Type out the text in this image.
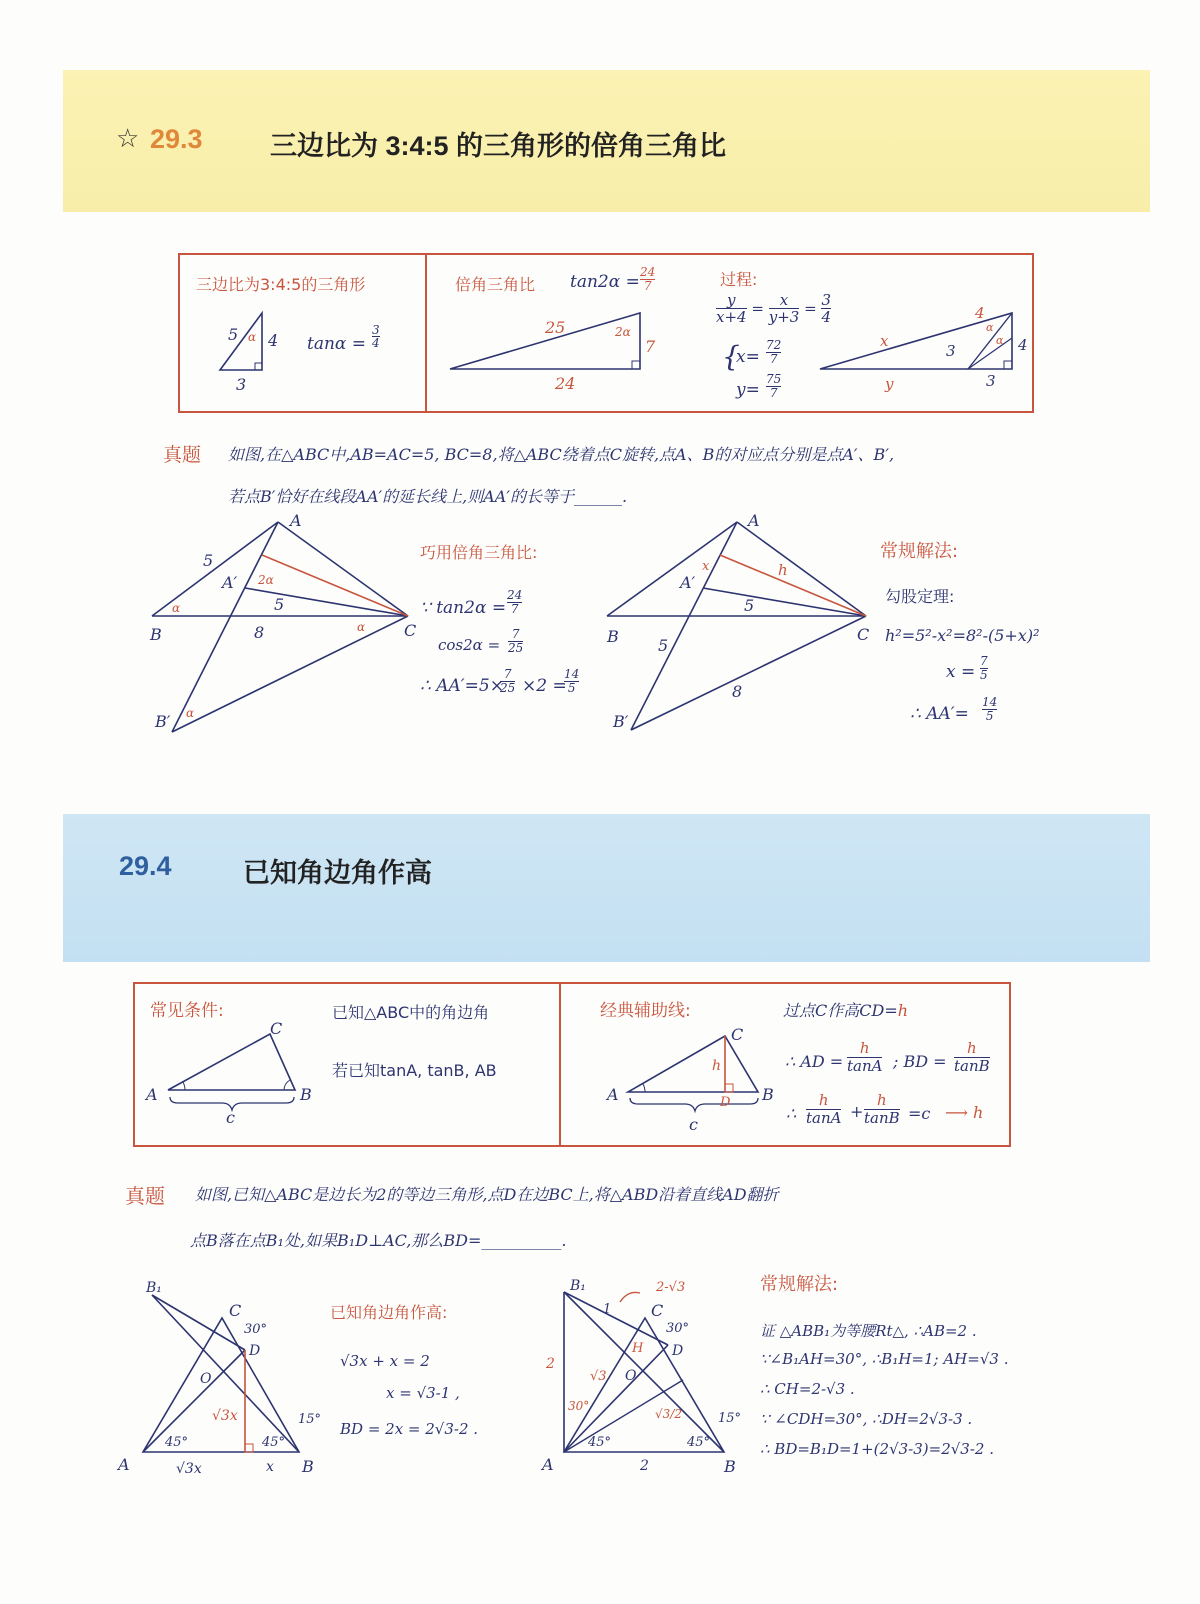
☆ 29.3 三边比为 3:4:5 的三角形的倍角三角比
三边比为3:4:5的三角形
5 4
3
α	25
7
24
2α	x
y
4
3
3
4
α
α
tanα =
3
4
倍角三角比 tan2α = 24
7	过程:
$\frac{y}{x+4} = \frac{x}{y+3} = \frac{3}{4}$
{
x=
72
7
y=
75
7
真题 如图,在△ABC中,AB=AC=5, BC=8,将△ABC绕着点C旋转,点A、B的对应点分别是点A′、B′,
若点B′恰好在线段AA′的延长线上,则AA′的长等于______.
A
B	C
A′
B′
5
5
8
α
α
α
2α
A
B	C
A′
B′
x	h
5
5
8
巧用倍角三角比:
∵ tan2α =
24
7
cos2α =
7
25
∴ AA′=5×
7
25 ×2 =
14
5
常规解法:
勾股定理:
h²=5²-x²=8²-(5+x)²
x =
7
5
∴ AA′=
14
5
29.4	已知角边角作高
常见条件:	已知△ABC中的角边角
若已知tanA, tanB, AB
经典辅助线:	过点C作高CD=h
∴ AD =
h
tanA ; BD =
h
tanB
∴
h
tanA +
h
tanB =c ⟶ h
A	B
C
c
A	B
C
D
h
c
真题 如图,已知△ABC是边长为2的等边三角形,点D在边BC上,将△ABD沿着直线AD翻折
点B落在点B₁处,如果B₁D⊥AC,那么BD=__________.
A	B
C
D
B₁
O
30°
15°
45°	45°
√3x
√3x	x	A	B
C
D
B₁
O
H
2
2
1
√3
√3/2
2-√3
30°
30°
15°
45°	45°
已知角边角作高:
√3x + x = 2
x = √3-1 ,
BD = 2x = 2√3-2 .
常规解法:
证 △ABB₁为等腰Rt△, ∴AB=2 .
∵∠B₁AH=30°, ∴B₁H=1; AH=√3 .
∴ CH=2-√3 .
∵ ∠CDH=30°, ∴DH=2√3-3 .
∴ BD=B₁D=1+(2√3-3)=2√3-2 .
